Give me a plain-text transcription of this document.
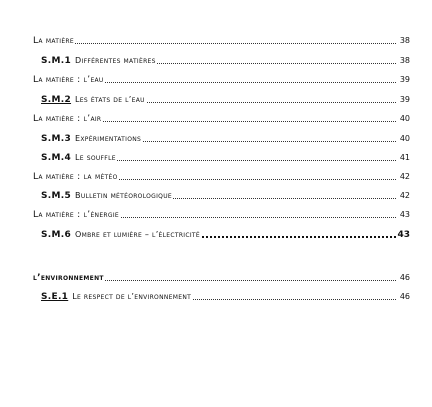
La matière	38
S.M.1 Différentes matières	38
La matière : l’eau	39
S.M.2 Les états de l’eau	39
La matière : l’air	40
S.M.3 Expérimentations	40
S.M.4 Le souffle	41
La matière : la météo	42
S.M.5 Bulletin météorologique	42
La matière : l’énergie	43
S.M.6 Ombre et lumière – l’électricité	43
l’environnement	46
S.E.1 Le respect de l’environnement	46
